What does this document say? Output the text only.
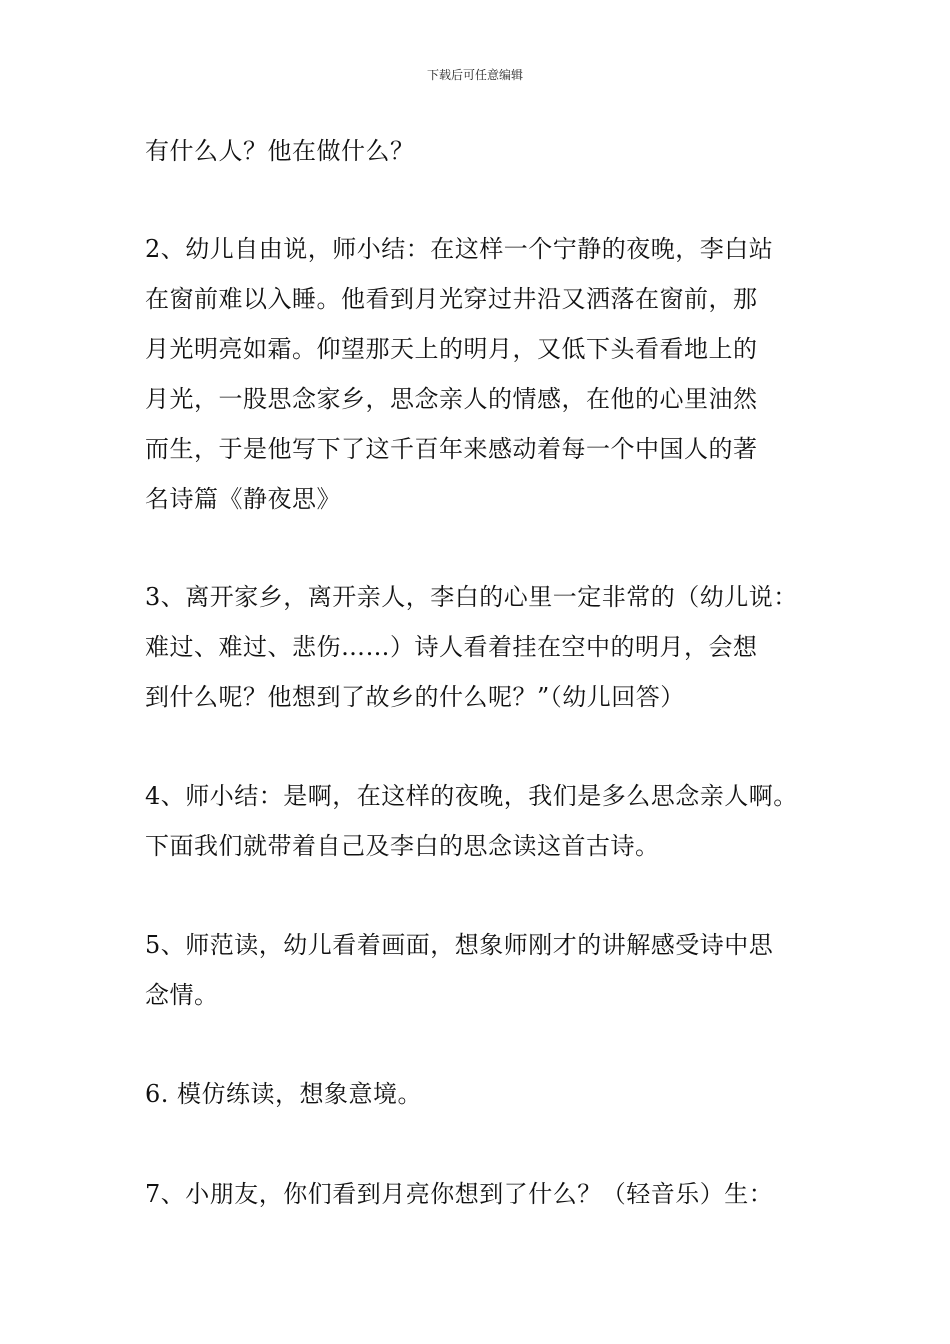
下载后可任意编辑
有什么人？他在做什么？
2、幼儿自由说，师小结：在这样一个宁静的夜晚，李白站
在窗前难以入睡。他看到月光穿过井沿又洒落在窗前，那
月光明亮如霜。仰望那天上的明月，又低下头看看地上的
月光，一股思念家乡，思念亲人的情感，在他的心里油然
而生，于是他写下了这千百年来感动着每一个中国人的著
名诗篇《静夜思》
3、离开家乡，离开亲人，李白的心里一定非常的（幼儿说：
难过、难过、悲伤……）诗人看着挂在空中的明月，会想
到什么呢？他想到了故乡的什么呢？”（幼儿回答）
4、师小结：是啊，在这样的夜晚，我们是多么思念亲人啊。
下面我们就带着自己及李白的思念读这首古诗。
5、师范读，幼儿看着画面，想象师刚才的讲解感受诗中思
念情。
6. 模仿练读，想象意境。
7、小朋友，你们看到月亮你想到了什么？（轻音乐）生：
